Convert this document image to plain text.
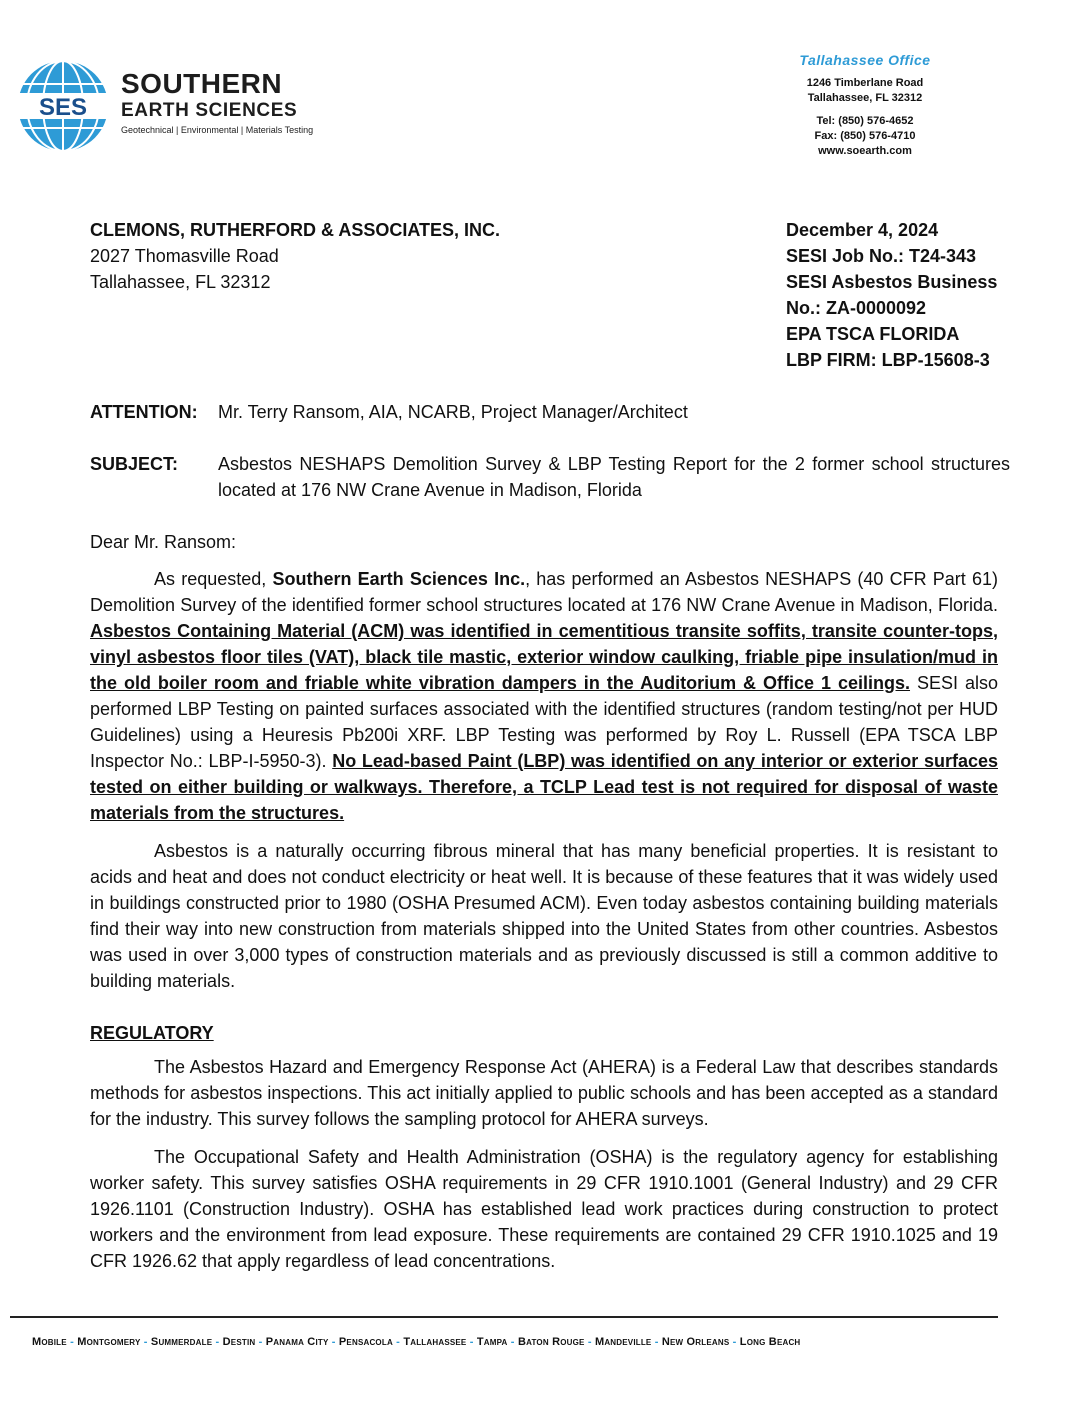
SES
SOUTHERN
EARTH SCIENCES
Geotechnical | Environmental | Materials Testing
Tallahassee Office
1246 Timberlane Road
Tallahassee, FL 32312
Tel: (850) 576-4652
Fax: (850) 576-4710
www.soearth.com
CLEMONS, RUTHERFORD & ASSOCIATES, INC.
2027 Thomasville Road
Tallahassee, FL 32312
December 4, 2024
SESI Job No.: T24-343
SESI Asbestos Business
No.: ZA-0000092
EPA TSCA FLORIDA
LBP FIRM: LBP-15608-3
ATTENTION: Mr. Terry Ransom, AIA, NCARB, Project Manager/Architect
SUBJECT: Asbestos NESHAPS Demolition Survey & LBP Testing Report for the 2 former school structures located at 176 NW Crane Avenue in Madison, Florida
Dear Mr. Ransom:

As requested, Southern Earth Sciences Inc., has performed an Asbestos NESHAPS (40 CFR Part 61) Demolition Survey of the identified former school structures located at 176 NW Crane Avenue in Madison, Florida. Asbestos Containing Material (ACM) was identified in cementitious transite soffits, transite counter-tops, vinyl asbestos floor tiles (VAT), black tile mastic, exterior window caulking, friable pipe insulation/mud in the old boiler room and friable white vibration dampers in the Auditorium & Office 1 ceilings. SESI also performed LBP Testing on painted surfaces associated with the identified structures (random testing/not per HUD Guidelines) using a Heuresis Pb200i XRF. LBP Testing was performed by Roy L. Russell (EPA TSCA LBP Inspector No.: LBP-I-5950-3). No Lead-based Paint (LBP) was identified on any interior or exterior surfaces tested on either building or walkways. Therefore, a TCLP Lead test is not required for disposal of waste materials from the structures.

Asbestos is a naturally occurring fibrous mineral that has many beneficial properties. It is resistant to acids and heat and does not conduct electricity or heat well. It is because of these features that it was widely used in buildings constructed prior to 1980 (OSHA Presumed ACM). Even today asbestos containing building materials find their way into new construction from materials shipped into the United States from other countries. Asbestos was used in over 3,000 types of construction materials and as previously discussed is still a common additive to building materials.

REGULATORY

The Asbestos Hazard and Emergency Response Act (AHERA) is a Federal Law that describes standards methods for asbestos inspections. This act initially applied to public schools and has been accepted as a standard for the industry. This survey follows the sampling protocol for AHERA surveys.

The Occupational Safety and Health Administration (OSHA) is the regulatory agency for establishing worker safety. This survey satisfies OSHA requirements in 29 CFR 1910.1001 (General Industry) and 29 CFR 1926.1101 (Construction Industry). OSHA has established lead work practices during construction to protect workers and the environment from lead exposure. These requirements are contained 29 CFR 1910.1025 and 19 CFR 1926.62 that apply regardless of lead concentrations.

Mobile - Montgomery - Summerdale - Destin - Panama City - Pensacola - Tallahassee - Tampa - Baton Rouge - Mandeville - New Orleans - Long Beach
